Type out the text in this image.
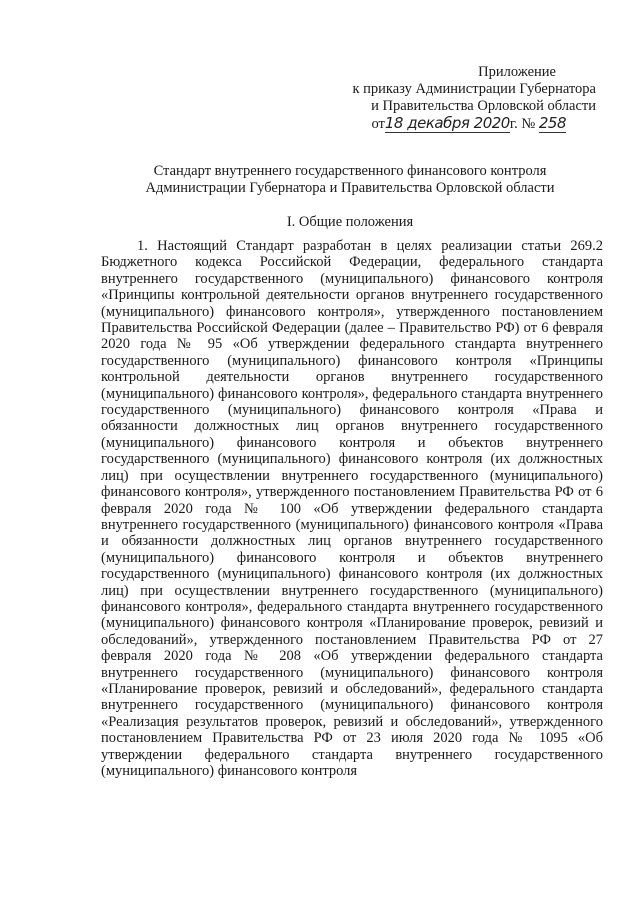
Приложение
к приказу Администрации Губернатора
и Правительства Орловской области
от18 декабря 2020г. № 258
Стандарт внутреннего государственного финансового контроля
Администрации Губернатора и Правительства Орловской области
I. Общие положения
1. Настоящий Стандарт разработан в целях реализации статьи 269.2 Бюджетного кодекса Российской Федерации, федерального стандарта внутреннего государственного (муниципального) финансового контроля «Принципы контрольной деятельности органов внутреннего государственного (муниципального) финансового контроля», утвержденного постановлением Правительства Российской Федерации (далее – Правительство РФ) от 6 февраля 2020 года № 95 «Об утверждении федерального стандарта внутреннего государственного (муниципального) финансового контроля «Принципы контрольной деятельности органов внутреннего государственного (муниципального) финансового контроля», федерального стандарта внутреннего государственного (муниципального) финансового контроля «Права и обязанности должностных лиц органов внутреннего государственного (муниципального) финансового контроля и объектов внутреннего государственного (муниципального) финансового контроля (их должностных лиц) при осуществлении внутреннего государственного (муниципального) финансового контроля», утвержденного постановлением Правительства РФ от 6 февраля 2020 года № 100 «Об утверждении федерального стандарта внутреннего государственного (муниципального) финансового контроля «Права и обязанности должностных лиц органов внутреннего государственного (муниципального) финансового контроля и объектов внутреннего государственного (муниципального) финансового контроля (их должностных лиц) при осуществлении внутреннего государственного (муниципального) финансового контроля», федерального стандарта внутреннего государственного (муниципального) финансового контроля «Планирование проверок, ревизий и обследований», утвержденного постановлением Правительства РФ от 27 февраля 2020 года № 208 «Об утверждении федерального стандарта внутреннего государственного (муниципального) финансового контроля «Планирование проверок, ревизий и обследований», федерального стандарта внутреннего государственного (муниципального) финансового контроля «Реализация результатов проверок, ревизий и обследований», утвержденного постановлением Правительства РФ от 23 июля 2020 года № 1095 «Об утверждении федерального стандарта внутреннего государственного (муниципального) финансового контроля
